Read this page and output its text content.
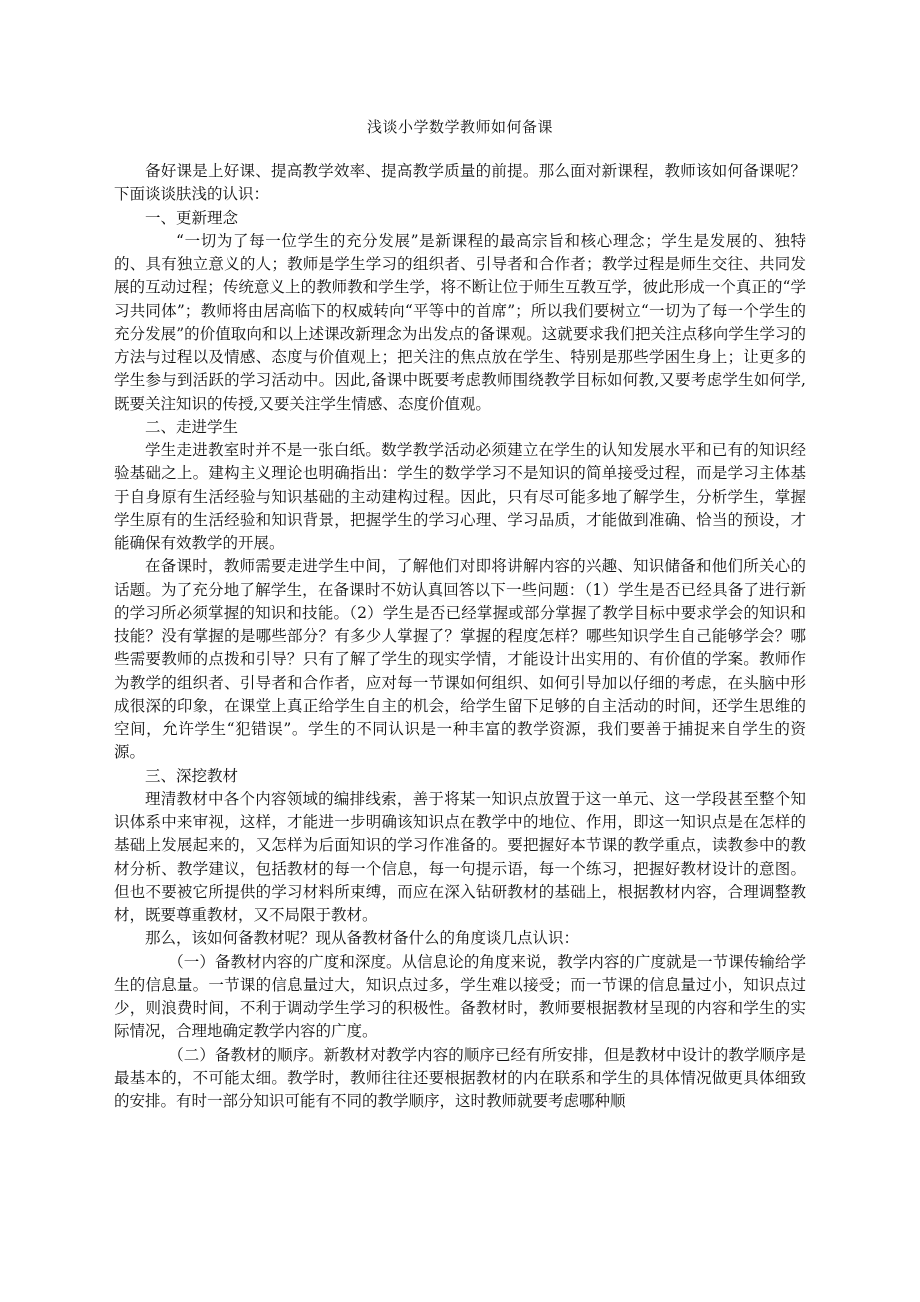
浅谈小学数学教师如何备课

备好课是上好课、提高教学效率、提高教学质量的前提。那么面对新课程，教师该如何备课呢？下面谈谈肤浅的认识：

一、更新理念

“一切为了每一位学生的充分发展”是新课程的最高宗旨和核心理念；学生是发展的、独特的、具有独立意义的人；教师是学生学习的组织者、引导者和合作者；教学过程是师生交往、共同发展的互动过程；传统意义上的教师教和学生学，将不断让位于师生互教互学，彼此形成一个真正的“学习共同体”；教师将由居高临下的权威转向“平等中的首席”；所以我们要树立“一切为了每一个学生的充分发展”的价值取向和以上述课改新理念为出发点的备课观。这就要求我们把关注点移向学生学习的方法与过程以及情感、态度与价值观上；把关注的焦点放在学生、特别是那些学困生身上；让更多的学生参与到活跃的学习活动中。因此,备课中既要考虑教师围绕教学目标如何教,又要考虑学生如何学,既要关注知识的传授,又要关注学生情感、态度价值观。

二、走进学生

学生走进教室时并不是一张白纸。数学教学活动必须建立在学生的认知发展水平和已有的知识经验基础之上。建构主义理论也明确指出：学生的数学学习不是知识的简单接受过程，而是学习主体基于自身原有生活经验与知识基础的主动建构过程。因此，只有尽可能多地了解学生，分析学生，掌握学生原有的生活经验和知识背景，把握学生的学习心理、学习品质，才能做到准确、恰当的预设，才能确保有效教学的开展。

在备课时，教师需要走进学生中间，了解他们对即将讲解内容的兴趣、知识储备和他们所关心的话题。为了充分地了解学生，在备课时不妨认真回答以下一些问题：（1）学生是否已经具备了进行新的学习所必须掌握的知识和技能。（2）学生是否已经掌握或部分掌握了教学目标中要求学会的知识和技能？没有掌握的是哪些部分？有多少人掌握了？掌握的程度怎样？哪些知识学生自己能够学会？哪些需要教师的点拨和引导？只有了解了学生的现实学情，才能设计出实用的、有价值的学案。教师作为教学的组织者、引导者和合作者，应对每一节课如何组织、如何引导加以仔细的考虑，在头脑中形成很深的印象，在课堂上真正给学生自主的机会，给学生留下足够的自主活动的时间，还学生思维的空间，允许学生“犯错误”。学生的不同认识是一种丰富的教学资源，我们要善于捕捉来自学生的资源。

三、深挖教材

理清教材中各个内容领域的编排线索，善于将某一知识点放置于这一单元、这一学段甚至整个知识体系中来审视，这样，才能进一步明确该知识点在教学中的地位、作用，即这一知识点是在怎样的基础上发展起来的，又怎样为后面知识的学习作准备的。要把握好本节课的教学重点，读教参中的教材分析、教学建议，包括教材的每一个信息，每一句提示语，每一个练习，把握好教材设计的意图。但也不要被它所提供的学习材料所束缚，而应在深入钻研教材的基础上，根据教材内容，合理调整教材，既要尊重教材，又不局限于教材。

那么，该如何备教材呢？现从备教材备什么的角度谈几点认识：

（一）备教材内容的广度和深度。从信息论的角度来说，教学内容的广度就是一节课传输给学生的信息量。一节课的信息量过大，知识点过多，学生难以接受；而一节课的信息量过小，知识点过少，则浪费时间，不利于调动学生学习的积极性。备教材时，教师要根据教材呈现的内容和学生的实际情况，合理地确定教学内容的广度。

（二）备教材的顺序。新教材对教学内容的顺序已经有所安排，但是教材中设计的教学顺序是最基本的，不可能太细。教学时，教师往往还要根据教材的内在联系和学生的具体情况做更具体细致的安排。有时一部分知识可能有不同的教学顺序，这时教师就要考虑哪种顺
